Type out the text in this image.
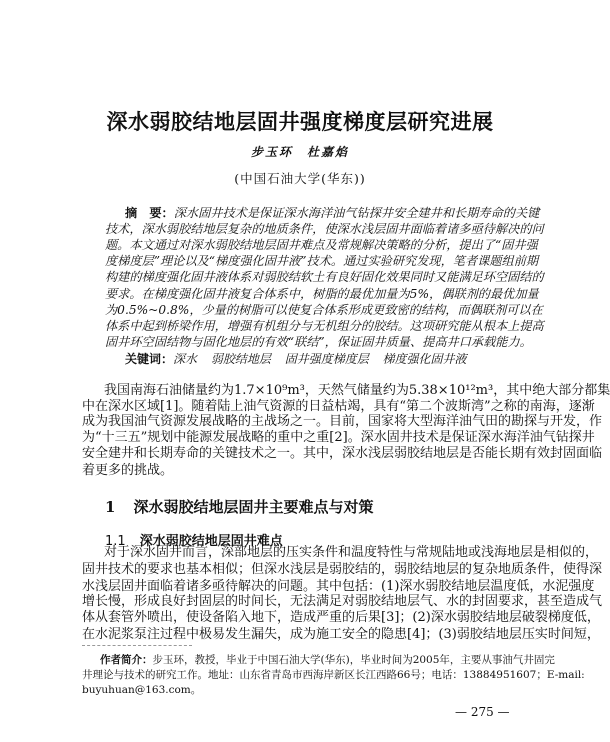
深水弱胶结地层固井强度梯度层研究进展
步玉环　杜嘉焰
(中国石油大学(华东))
摘　要：深水固井技术是保证深水海洋油气钻探井安全建井和长期寿命的关键
技术，深水弱胶结地层复杂的地质条件，使深水浅层固井面临着诸多亟待解决的问
题。本文通过对深水弱胶结地层固井难点及常规解决策略的分析，提出了“固井强
度梯度层”理论以及“梯度强化固井液”技术。通过实验研究发现，笔者课题组前期
构建的梯度强化固井液体系对弱胶结软土有良好固化效果同时又能满足环空固结的
要求。在梯度强化固井液复合体系中，树脂的最优加量为5%，偶联剂的最优加量
为0.5%~0.8%，少量的树脂可以使复合体系形成更致密的结构，而偶联剂可以在
体系中起到桥梁作用，增强有机组分与无机组分的胶结。这项研究能从根本上提高
固井环空固结物与固化地层的有效“联结”，保证固井质量、提高井口承载能力。
关键词：深水 弱胶结地层 固井强度梯度层 梯度强化固井液
我国南海石油储量约为1.7×10⁹m³，天然气储量约为5.38×10¹²m³，其中绝大部分都集
中在深水区域[1]。随着陆上油气资源的日益枯竭，具有“第二个波斯湾”之称的南海，逐渐
成为我国油气资源发展战略的主战场之一。目前，国家将大型海洋油气田的勘探与开发，作
为“十三五”规划中能源发展战略的重中之重[2]。深水固井技术是保证深水海洋油气钻探井
安全建井和长期寿命的关键技术之一。其中，深水浅层弱胶结地层是否能长期有效封固面临
着更多的挑战。
1 深水弱胶结地层固井主要难点与对策
1.1 深水弱胶结地层固井难点
对于深水固井而言，深部地层的压实条件和温度特性与常规陆地或浅海地层是相似的，
固井技术的要求也基本相似；但深水浅层是弱胶结的，弱胶结地层的复杂地质条件，使得深
水浅层固井面临着诸多亟待解决的问题。其中包括：(1)深水弱胶结地层温度低，水泥强度
增长慢，形成良好封固层的时间长，无法满足对弱胶结地层气、水的封固要求，甚至造成气
体从套管外喷出，使设备陷入地下，造成严重的后果[3]；(2)深水弱胶结地层破裂梯度低，
在水泥浆泵注过程中极易发生漏失，成为施工安全的隐患[4]；(3)弱胶结地层压实时间短，
作者简介：步玉环，教授，毕业于中国石油大学(华东)，毕业时间为2005年，主要从事油气井固完
井理论与技术的研究工作。地址：山东省青岛市西海岸新区长江西路66号；电话：13884951607；E-mail:
buyuhuan@163.com。
— 275 —
